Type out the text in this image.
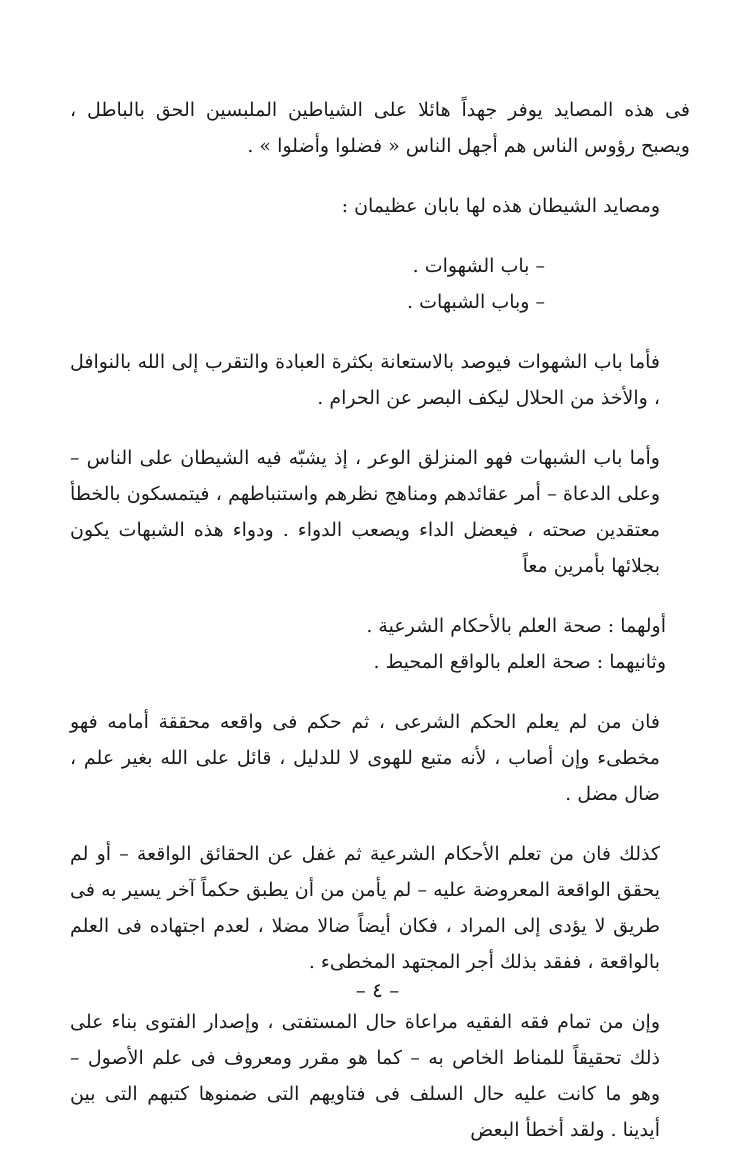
فى هذه المصايد يوفر جهداً هائلا على الشياطين الملبسين الحق بالباطل ، ويصبح رؤوس الناس هم أجهل الناس « فضلوا وأضلوا » .

ومصايد الشيطان هذه لها بابان عظيمان :

– باب الشهوات .

– وباب الشبهات .

فأما باب الشهوات فيوصد بالاستعانة بكثرة العبادة والتقرب إلى الله بالنوافل ، والأخذ من الحلال ليكف البصر عن الحرام .

وأما باب الشبهات فهو المنزلق الوعر ، إذ يشبّه فيه الشيطان على الناس – وعلى الدعاة – أمر عقائدهم ومناهج نظرهم واستنباطهم ، فيتمسكون بالخطأ معتقدين صحته ، فيعضل الداء ويصعب الدواء . ودواء هذه الشبهات يكون بجلائها بأمرين معاً

أولهما : صحة العلم بالأحكام الشرعية .

وثانيهما : صحة العلم بالواقع المحيط .

فان من لم يعلم الحكم الشرعى ، ثم حكم فى واقعه محققة أمامه فهو مخطىء وإن أصاب ، لأنه متبع للهوى لا للدليل ، قائل على الله بغير علم ، ضال مضل .

كذلك فان من تعلم الأحكام الشرعية ثم غفل عن الحقائق الواقعة – أو لم يحقق الواقعة المعروضة عليه – لم يأمن من أن يطبق حكماً آخر يسير به فى طريق لا يؤدى إلى المراد ، فكان أيضاً ضالا مضلا ، لعدم اجتهاده فى العلم بالواقعة ، ففقد بذلك أجر المجتهد المخطىء .

وإن من تمام فقه الفقيه مراعاة حال المستفتى ، وإصدار الفتوى بناء على ذلك تحقيقاً للمناط الخاص به – كما هو مقرر ومعروف فى علم الأصول – وهو ما كانت عليه حال السلف فى فتاويهم التى ضمنوها كتبهم التى بين أيدينا . ولقد أخطأ البعض

– ٤ –
